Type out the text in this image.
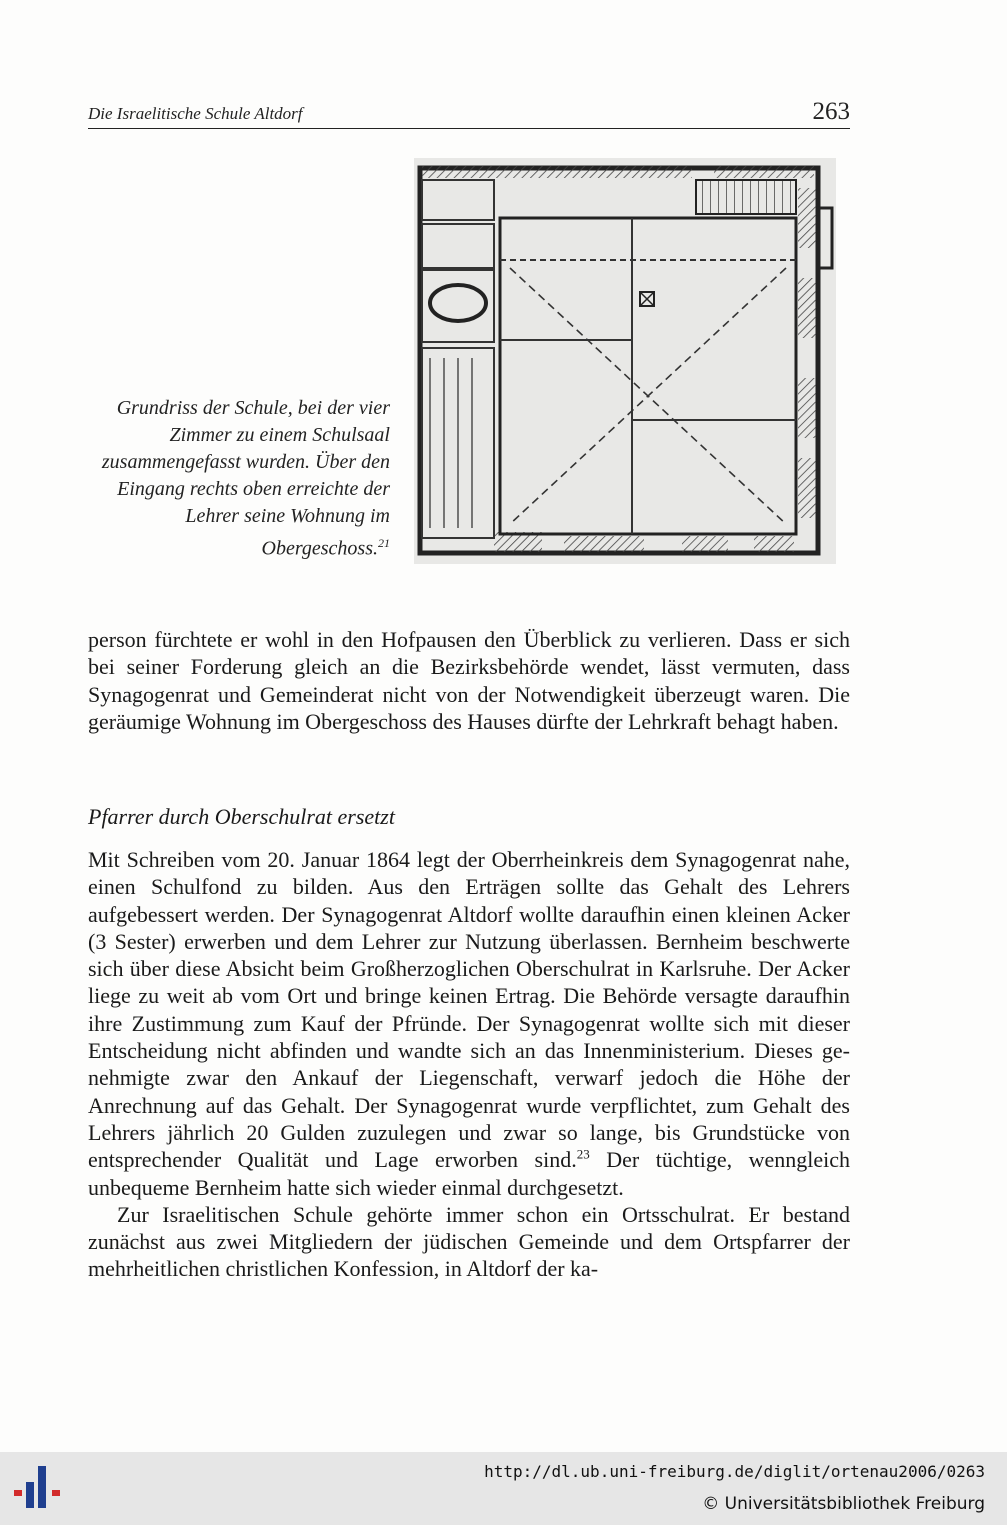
Die Israelitische Schule Altdorf	263
Grundriss der Schule, bei der vier Zimmer zu einem Schulsaal zusammengefasst wurden. Über den Eingang rechts oben erreichte der Lehrer seine Wohnung im Obergeschoss.$^{21}$

person fürchtete er wohl in den Hofpausen den Überblick zu verlieren. Dass er sich bei seiner Forderung gleich an die Bezirksbehörde wendet, lässt vermuten, dass Synagogenrat und Gemeinderat nicht von der Notwendigkeit überzeugt waren. Die geräumige Wohnung im Obergeschoss des Hauses dürfte der Lehrkraft behagt haben.

Pfarrer durch Oberschulrat ersetzt

Mit Schreiben vom 20. Januar 1864 legt der Oberrheinkreis dem Synagogenrat nahe, einen Schulfond zu bilden. Aus den Erträgen sollte das Gehalt des Lehrers aufgebessert werden. Der Synagogenrat Altdorf wollte daraufhin einen kleinen Acker (3 Sester) erwerben und dem Lehrer zur Nutzung überlassen. Bernheim beschwerte sich über diese Absicht beim Großherzoglichen Oberschulrat in Karlsruhe. Der Acker liege zu weit ab vom Ort und bringe keinen Ertrag. Die Behörde versagte daraufhin ihre Zustimmung zum Kauf der Pfründe. Der Synagogenrat wollte sich mit dieser Entscheidung nicht abfinden und wandte sich an das Innenministerium. Dieses genehmigte zwar den Ankauf der Liegenschaft, verwarf jedoch die Höhe der Anrechnung auf das Gehalt. Der Synagogenrat wurde verpflichtet, zum Gehalt des Lehrers jährlich 20 Gulden zuzulegen und zwar so lange, bis Grundstücke von entsprechender Qualität und Lage erworben sind.$^{23}$ Der tüchtige, wenngleich unbequeme Bernheim hatte sich wieder einmal durchgesetzt.

Zur Israelitischen Schule gehörte immer schon ein Ortsschulrat. Er bestand zunächst aus zwei Mitgliedern der jüdischen Gemeinde und dem Ortspfarrer der mehrheitlichen christlichen Konfession, in Altdorf der ka-

http://dl.ub.uni-freiburg.de/diglit/ortenau2006/0263
© Universitätsbibliothek Freiburg
